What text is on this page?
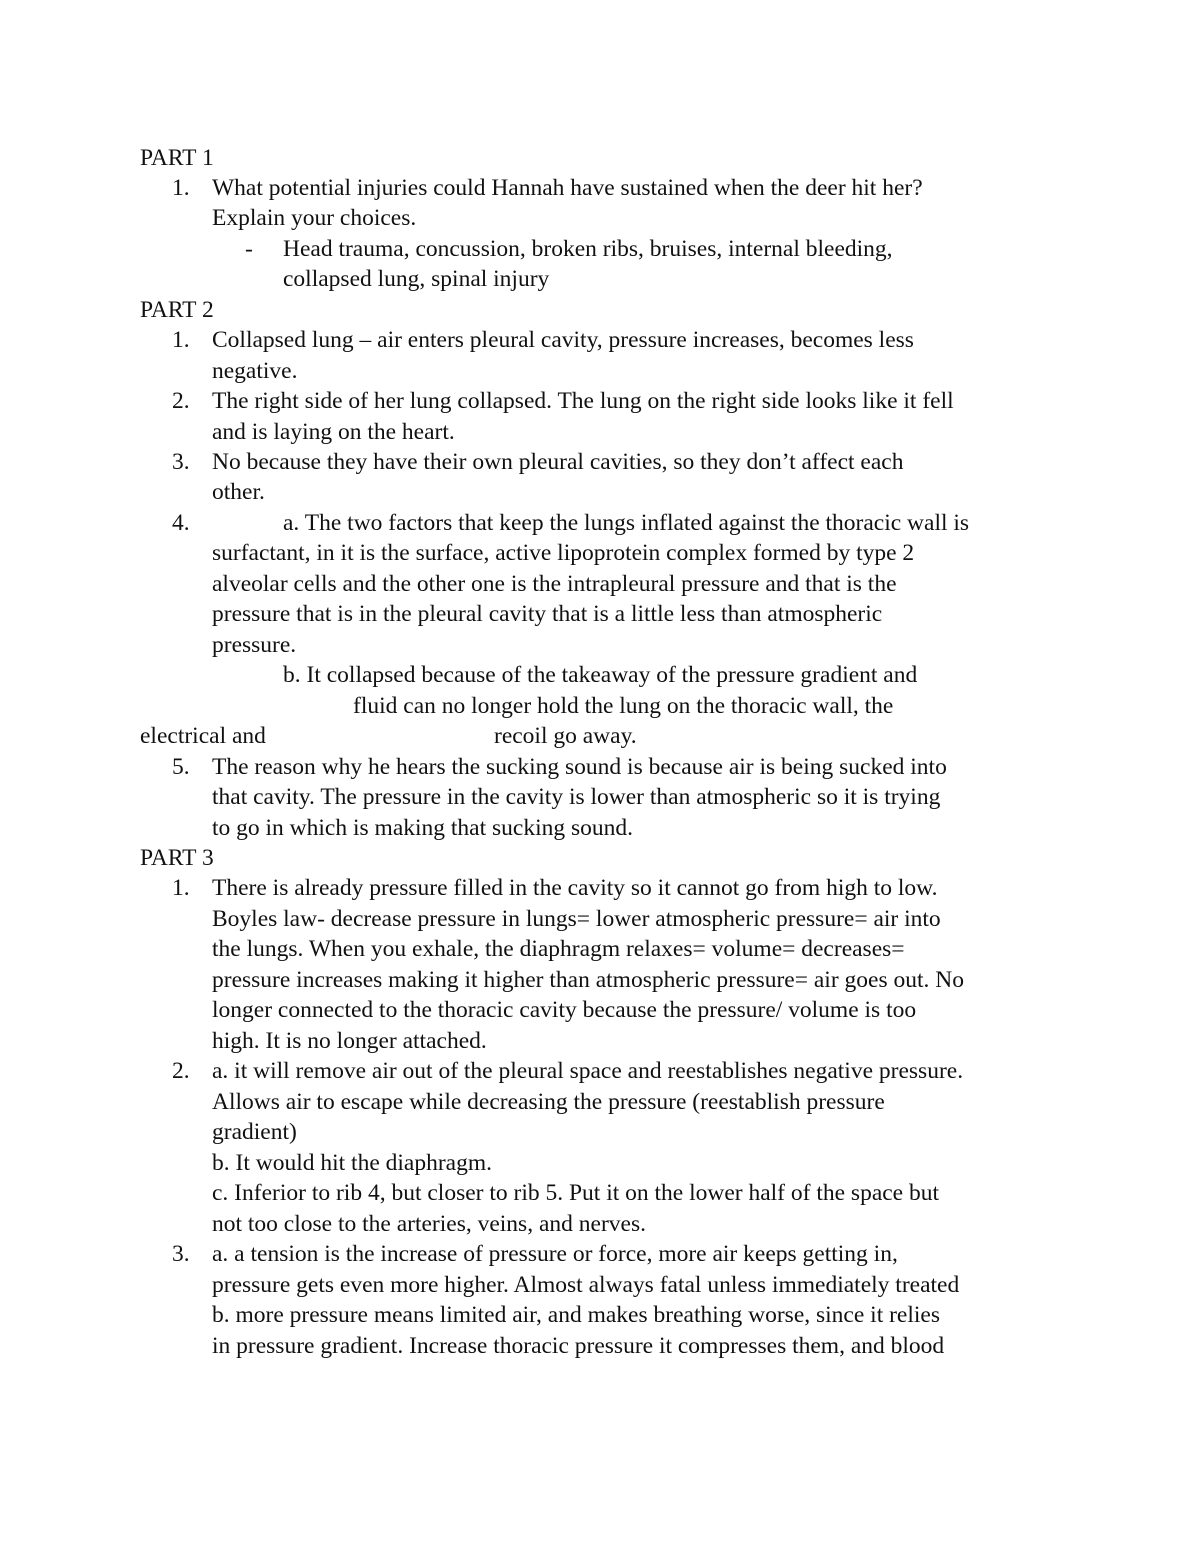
PART 1
1. What potential injuries could Hannah have sustained when the deer hit her?
Explain your choices.
- Head trauma, concussion, broken ribs, bruises, internal bleeding,
collapsed lung, spinal injury
PART 2
1. Collapsed lung – air enters pleural cavity, pressure increases, becomes less
negative.
2. The right side of her lung collapsed. The lung on the right side looks like it fell
and is laying on the heart.
3. No because they have their own pleural cavities, so they don’t affect each
other.
4.	a. The two factors that keep the lungs inflated against the thoracic wall is
surfactant, in it is the surface, active lipoprotein complex formed by type 2
alveolar cells and the other one is the intrapleural pressure and that is the
pressure that is in the pleural cavity that is a little less than atmospheric
pressure.
b. It collapsed because of the takeaway of the pressure gradient and
fluid can no longer hold the lung on the thoracic wall, the
electrical and	recoil go away.
5. The reason why he hears the sucking sound is because air is being sucked into
that cavity. The pressure in the cavity is lower than atmospheric so it is trying
to go in which is making that sucking sound.
PART 3
1. There is already pressure filled in the cavity so it cannot go from high to low.
Boyles law- decrease pressure in lungs= lower atmospheric pressure= air into
the lungs. When you exhale, the diaphragm relaxes= volume= decreases=
pressure increases making it higher than atmospheric pressure= air goes out. No
longer connected to the thoracic cavity because the pressure/ volume is too
high. It is no longer attached.
2. a. it will remove air out of the pleural space and reestablishes negative pressure.
Allows air to escape while decreasing the pressure (reestablish pressure
gradient)
b. It would hit the diaphragm.
c. Inferior to rib 4, but closer to rib 5. Put it on the lower half of the space but
not too close to the arteries, veins, and nerves.
3. a. a tension is the increase of pressure or force, more air keeps getting in,
pressure gets even more higher. Almost always fatal unless immediately treated
b. more pressure means limited air, and makes breathing worse, since it relies
in pressure gradient. Increase thoracic pressure it compresses them, and blood
